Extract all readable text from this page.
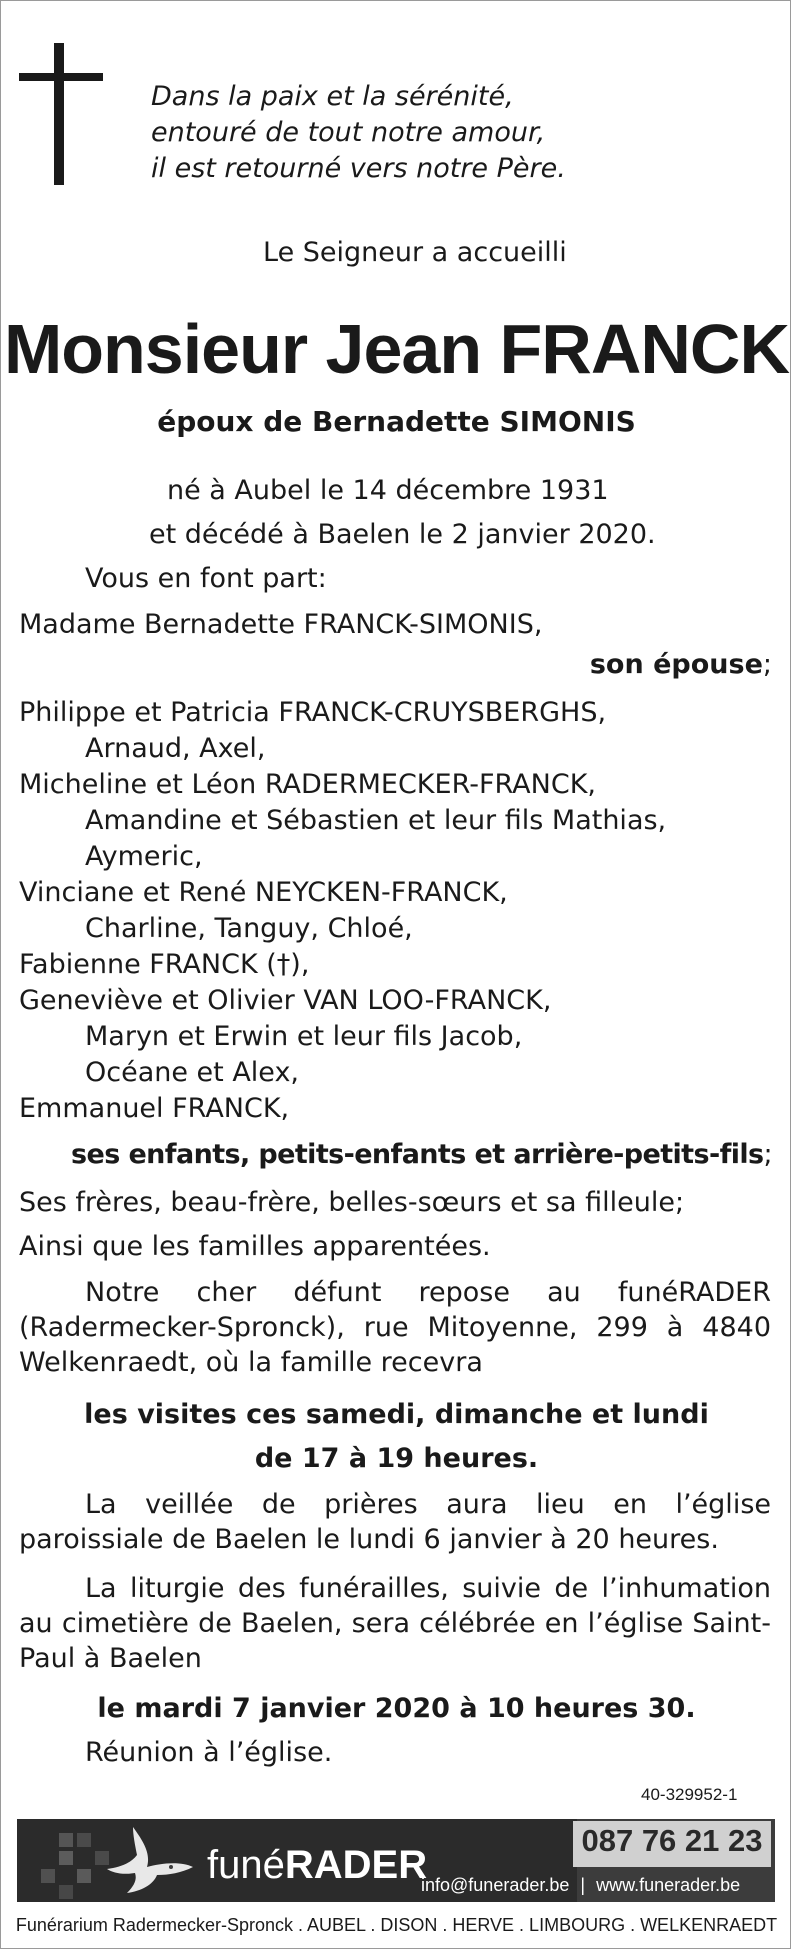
Dans la paix et la sérénité,
entouré de tout notre amour,
il est retourné vers notre Père.
Le Seigneur a accueilli
Monsieur Jean FRANCK
époux de Bernadette SIMONIS
né à Aubel le 14 décembre 1931
et décédé à Baelen le 2 janvier 2020.
Vous en font part:
Madame Bernadette FRANCK-SIMONIS,
son épouse;
Philippe et Patricia FRANCK-CRUYSBERGHS,
Arnaud, Axel,
Micheline et Léon RADERMECKER-FRANCK,
Amandine et Sébastien et leur fils Mathias,
Aymeric,
Vinciane et René NEYCKEN-FRANCK,
Charline, Tanguy, Chloé,
Fabienne FRANCK (†),
Geneviève et Olivier VAN LOO-FRANCK,
Maryn et Erwin et leur fils Jacob,
Océane et Alex,
Emmanuel FRANCK,
ses enfants, petits-enfants et arrière-petits-fils;
Ses frères, beau-frère, belles-sœurs et sa filleule;
Ainsi que les familles apparentées.
Notre cher défunt repose au funéRADER (Radermecker-Spronck), rue Mitoyenne, 299 à 4840 Welkenraedt, où la famille recevra
les visites ces samedi, dimanche et lundi
de 17 à 19 heures.
La veillée de prières aura lieu en l’église paroissiale de Baelen le lundi 6 janvier à 20 heures.
La liturgie des funérailles, suivie de l’inhumation au cimetière de Baelen, sera célébrée en l’église Saint-Paul à Baelen
le mardi 7 janvier 2020 à 10 heures 30.
Réunion à l’église.
40-329952-1
087 76 21 23
funéRADER
info@funerader.be | www.funerader.be
Funérarium Radermecker-Spronck . AUBEL . DISON . HERVE . LIMBOURG . WELKENRAEDT
